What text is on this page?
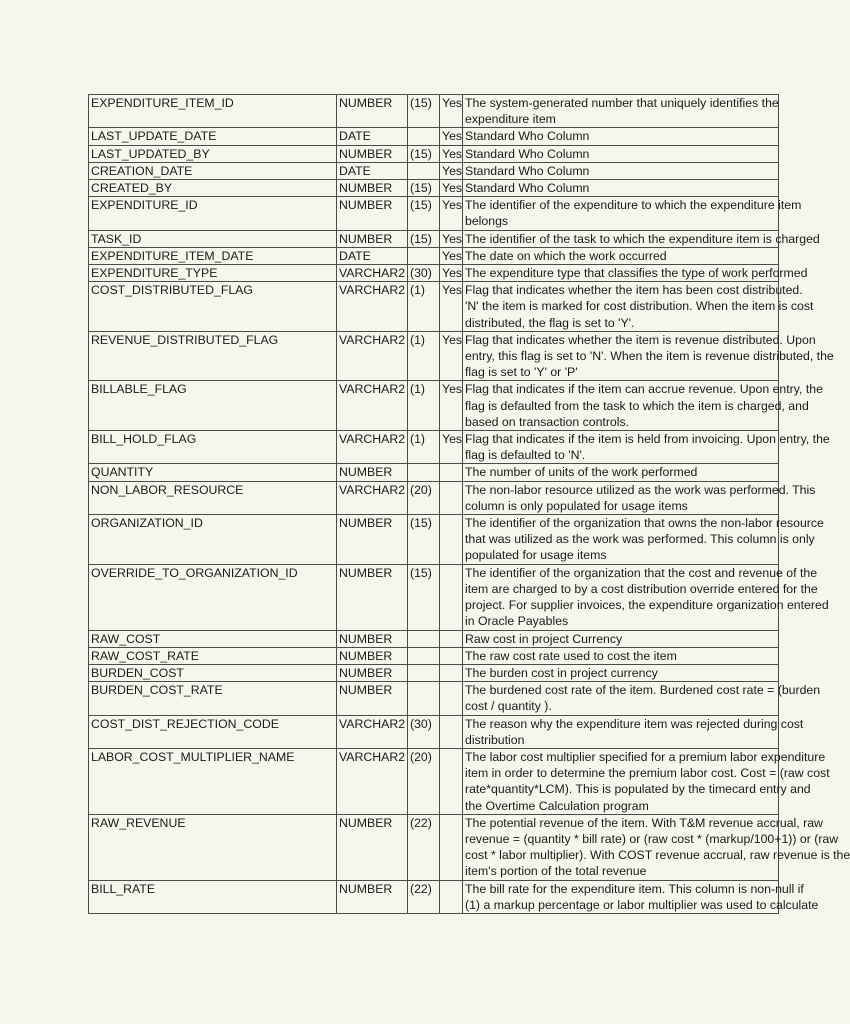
EXPENDITURE_ITEM_ID	NUMBER	(15)	Yes	The system-generated number that uniquely identifies the
expenditure item

LAST_UPDATE_DATE	DATE		Yes	Standard Who Column

LAST_UPDATED_BY	NUMBER	(15)	Yes	Standard Who Column

CREATION_DATE	DATE		Yes	Standard Who Column

CREATED_BY	NUMBER	(15)	Yes	Standard Who Column

EXPENDITURE_ID	NUMBER	(15)	Yes	The identifier of the expenditure to which the expenditure item
belongs

TASK_ID	NUMBER	(15)	Yes	The identifier of the task to which the expenditure item is charged

EXPENDITURE_ITEM_DATE	DATE		Yes	The date on which the work occurred

EXPENDITURE_TYPE	VARCHAR2	(30)	Yes	The expenditure type that classifies the type of work performed

COST_DISTRIBUTED_FLAG	VARCHAR2	(1)	Yes	Flag that indicates whether the item has been cost distributed.
'N' the item is marked for cost distribution. When the item is cost
distributed, the flag is set to 'Y'.

REVENUE_DISTRIBUTED_FLAG	VARCHAR2	(1)	Yes	Flag that indicates whether the item is revenue distributed. Upon
entry, this flag is set to 'N'. When the item is revenue distributed, the
flag is set to 'Y' or 'P'

BILLABLE_FLAG	VARCHAR2	(1)	Yes	Flag that indicates if the item can accrue revenue. Upon entry, the
flag is defaulted from the task to which the item is charged, and
based on transaction controls.

BILL_HOLD_FLAG	VARCHAR2	(1)	Yes	Flag that indicates if the item is held from invoicing. Upon entry, the
flag is defaulted to 'N'.

QUANTITY	NUMBER			The number of units of the work performed

NON_LABOR_RESOURCE	VARCHAR2	(20)		The non-labor resource utilized as the work was performed. This
column is only populated for usage items

ORGANIZATION_ID	NUMBER	(15)		The identifier of the organization that owns the non-labor resource
that was utilized as the work was performed. This column is only
populated for usage items

OVERRIDE_TO_ORGANIZATION_ID	NUMBER	(15)		The identifier of the organization that the cost and revenue of the
item are charged to by a cost distribution override entered for the
project. For supplier invoices, the expenditure organization entered
in Oracle Payables

RAW_COST	NUMBER			Raw cost in project Currency

RAW_COST_RATE	NUMBER			The raw cost rate used to cost the item

BURDEN_COST	NUMBER			The burden cost in project currency

BURDEN_COST_RATE	NUMBER			The burdened cost rate of the item. Burdened cost rate = (burden
cost / quantity ).

COST_DIST_REJECTION_CODE	VARCHAR2	(30)		The reason why the expenditure item was rejected during cost
distribution

LABOR_COST_MULTIPLIER_NAME	VARCHAR2	(20)		The labor cost multiplier specified for a premium labor expenditure
item in order to determine the premium labor cost. Cost = (raw cost
rate*quantity*LCM). This is populated by the timecard entry and
the Overtime Calculation program

RAW_REVENUE	NUMBER	(22)		The potential revenue of the item. With T&M revenue accrual, raw
revenue = (quantity * bill rate) or (raw cost * (markup/100+1)) or (raw
cost * labor multiplier). With COST revenue accrual, raw revenue is the
item's portion of the total revenue

BILL_RATE	NUMBER	(22)		The bill rate for the expenditure item. This column is non-null if
(1) a markup percentage or labor multiplier was used to calculate
